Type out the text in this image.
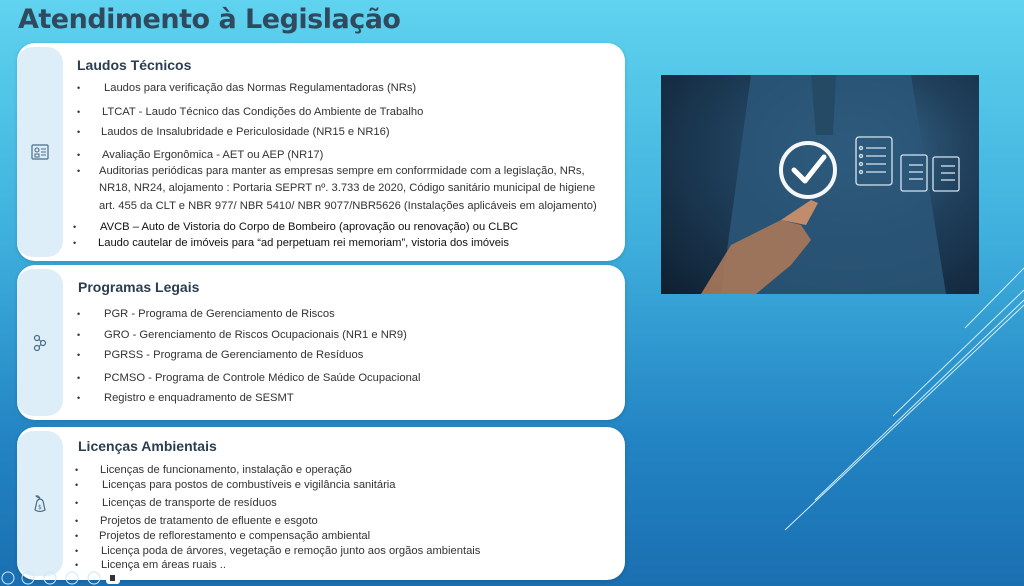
Atendimento à Legislação
Laudos Técnicos
• Laudos para verificação das Normas Regulamentadoras (NRs)
• LTCAT - Laudo Técnico das Condições do Ambiente de Trabalho
• Laudos de Insalubridade e Periculosidade (NR15 e NR16)
• Avaliação Ergonômica - AET ou AEP (NR17)
• Auditorias periódicas para manter as empresas sempre em conforrmidade com a legislação, NRs,
NR18, NR24, alojamento : Portaria SEPRT nº. 3.733 de 2020, Código sanitário municipal de higiene
art. 455 da CLT e NBR 977/ NBR 5410/ NBR 9077/NBR5626 (Instalações aplicáveis em alojamento)
• AVCB – Auto de Vistoria do Corpo de Bombeiro (aprovação ou renovação) ou CLBC
• Laudo cautelar de imóveis para “ad perpetuam rei memoriam”, vistoria dos imóveis
Programas Legais
• PGR - Programa de Gerenciamento de Riscos
• GRO - Gerenciamento de Riscos Ocupacionais (NR1 e NR9)
• PGRSS - Programa de Gerenciamento de Resíduos
• PCMSO - Programa de Controle Médico de Saúde Ocupacional
• Registro e enquadramento de SESMT
$
Licenças Ambientais
• Licenças de funcionamento, instalação e operação
• Licenças para postos de combustíveis e vigilância sanitária
• Licenças de transporte de resíduos
• Projetos de tratamento de efluente e esgoto
• Projetos de reflorestamento e compensação ambiental
• Licença poda de árvores, vegetação e remoção junto aos orgãos ambientais
• Licença em áreas ruais ..
